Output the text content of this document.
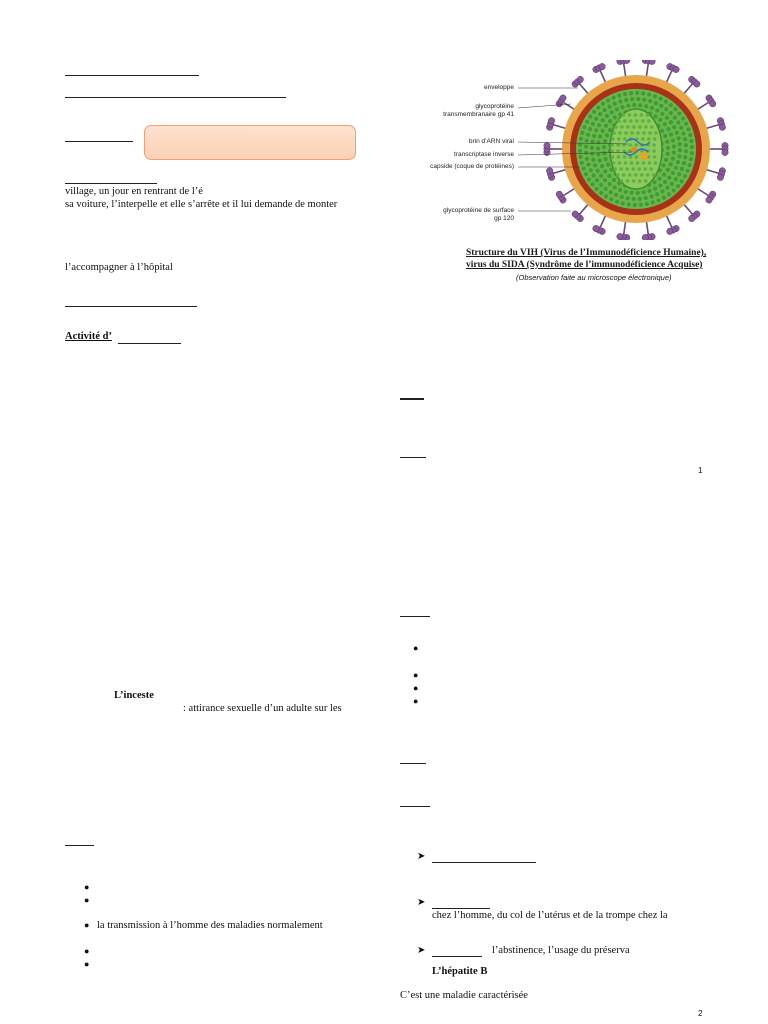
village, un jour en rentrant de l’é
sa voiture, l’interpelle et elle s’arrête et il lui demande de monter
l’accompagner à l’hôpital
Activité d’
L’inceste
: attirance sexuelle d’un adulte sur les
●
●
● la transmission à l’homme des maladies normalement
●
●
enveloppe
glycoprotéine
transmembranaire gp 41
brin d’ARN viral
transcriptase inverse
capside (coque de protéines)
glycoprotéine de surface
gp 120
Structure du VIH (Virus de l’Immunodéficience Humaine),
virus du SIDA (Syndrôme de l’immunodéficience Acquise)
(Observation faite au microscope électronique)
1
●
●
●
●
➤
➤
chez l’homme, du col de l’utérus et de la trompe chez la
➤	l’abstinence, l’usage du préserva
L’hépatite B
C’est une maladie caractérisée
2
